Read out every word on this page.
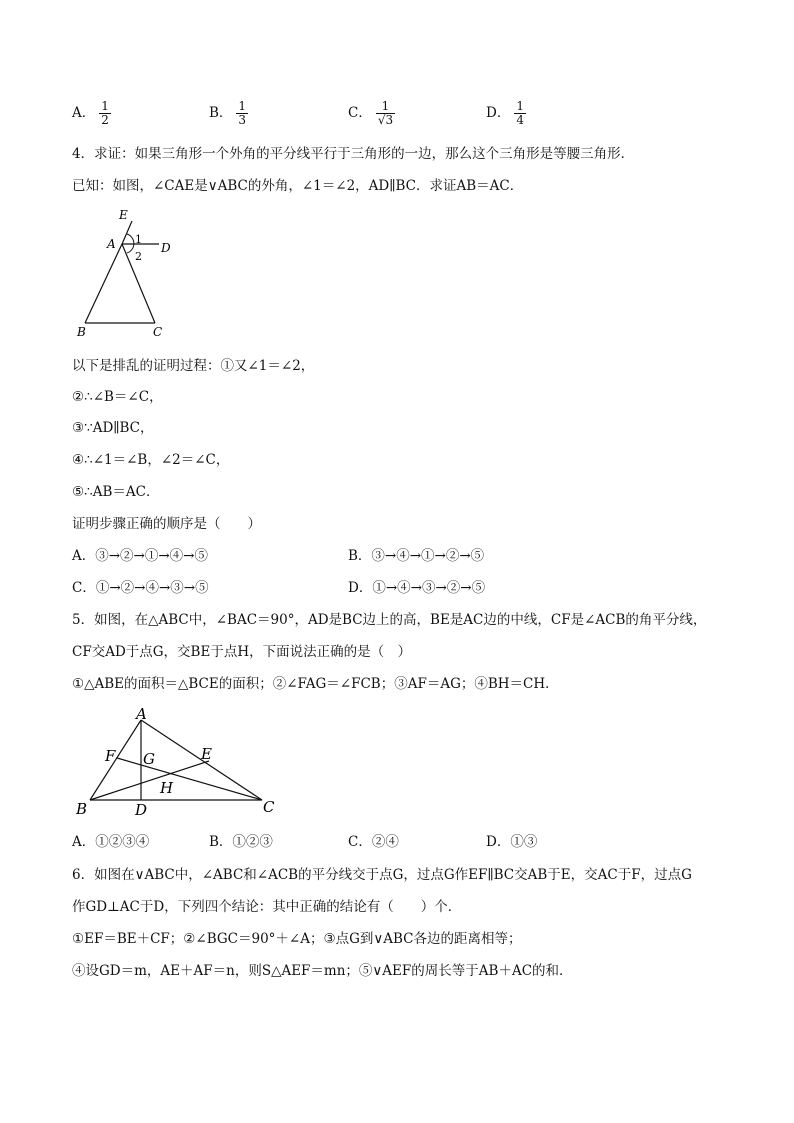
A． $\frac{1}{2}$	B． $\frac{1}{3}$	C． $\frac{1}{√3}$	D． $\frac{1}{4}$
4．求证：如果三角形一个外角的平分线平行于三角形的一边，那么这个三角形是等腰三角形．
已知：如图，∠CAE是∨ABC的外角，∠1＝∠2，AD∥BC．求证AB＝AC．
E
A 1
D
2
B	C
以下是排乱的证明过程：①又∠1＝∠2，
②∴∠B＝∠C，
③∵AD∥BC，
④∴∠1＝∠B，∠2＝∠C，
⑤∴AB＝AC．
证明步骤正确的顺序是（　　）
A．③→②→①→④→⑤	B．③→④→①→②→⑤
C．①→②→④→③→⑤	D．①→④→③→②→⑤
5．如图，在△ABC中，∠BAC＝90°，AD是BC边上的高，BE是AC边的中线，CF是∠ACB的角平分线，
CF交AD于点G，交BE于点H，下面说法正确的是（　）
①△ABE的面积＝△BCE的面积；②∠FAG＝∠FCB；③AF＝AG；④BH＝CH．
A
F G	E
H
B	D	C
A．①②③④	B．①②③	C．②④	D．①③
6．如图在∨ABC中，∠ABC和∠ACB的平分线交于点G，过点G作EF∥BC交AB于E，交AC于F，过点G
作GD⊥AC于D，下列四个结论：其中正确的结论有（　　）个．
①EF＝BE＋CF；②∠BGC＝90°＋∠A；③点G到∨ABC各边的距离相等；
④设GD＝m，AE＋AF＝n，则S△AEF＝mn；⑤∨AEF的周长等于AB＋AC的和．
